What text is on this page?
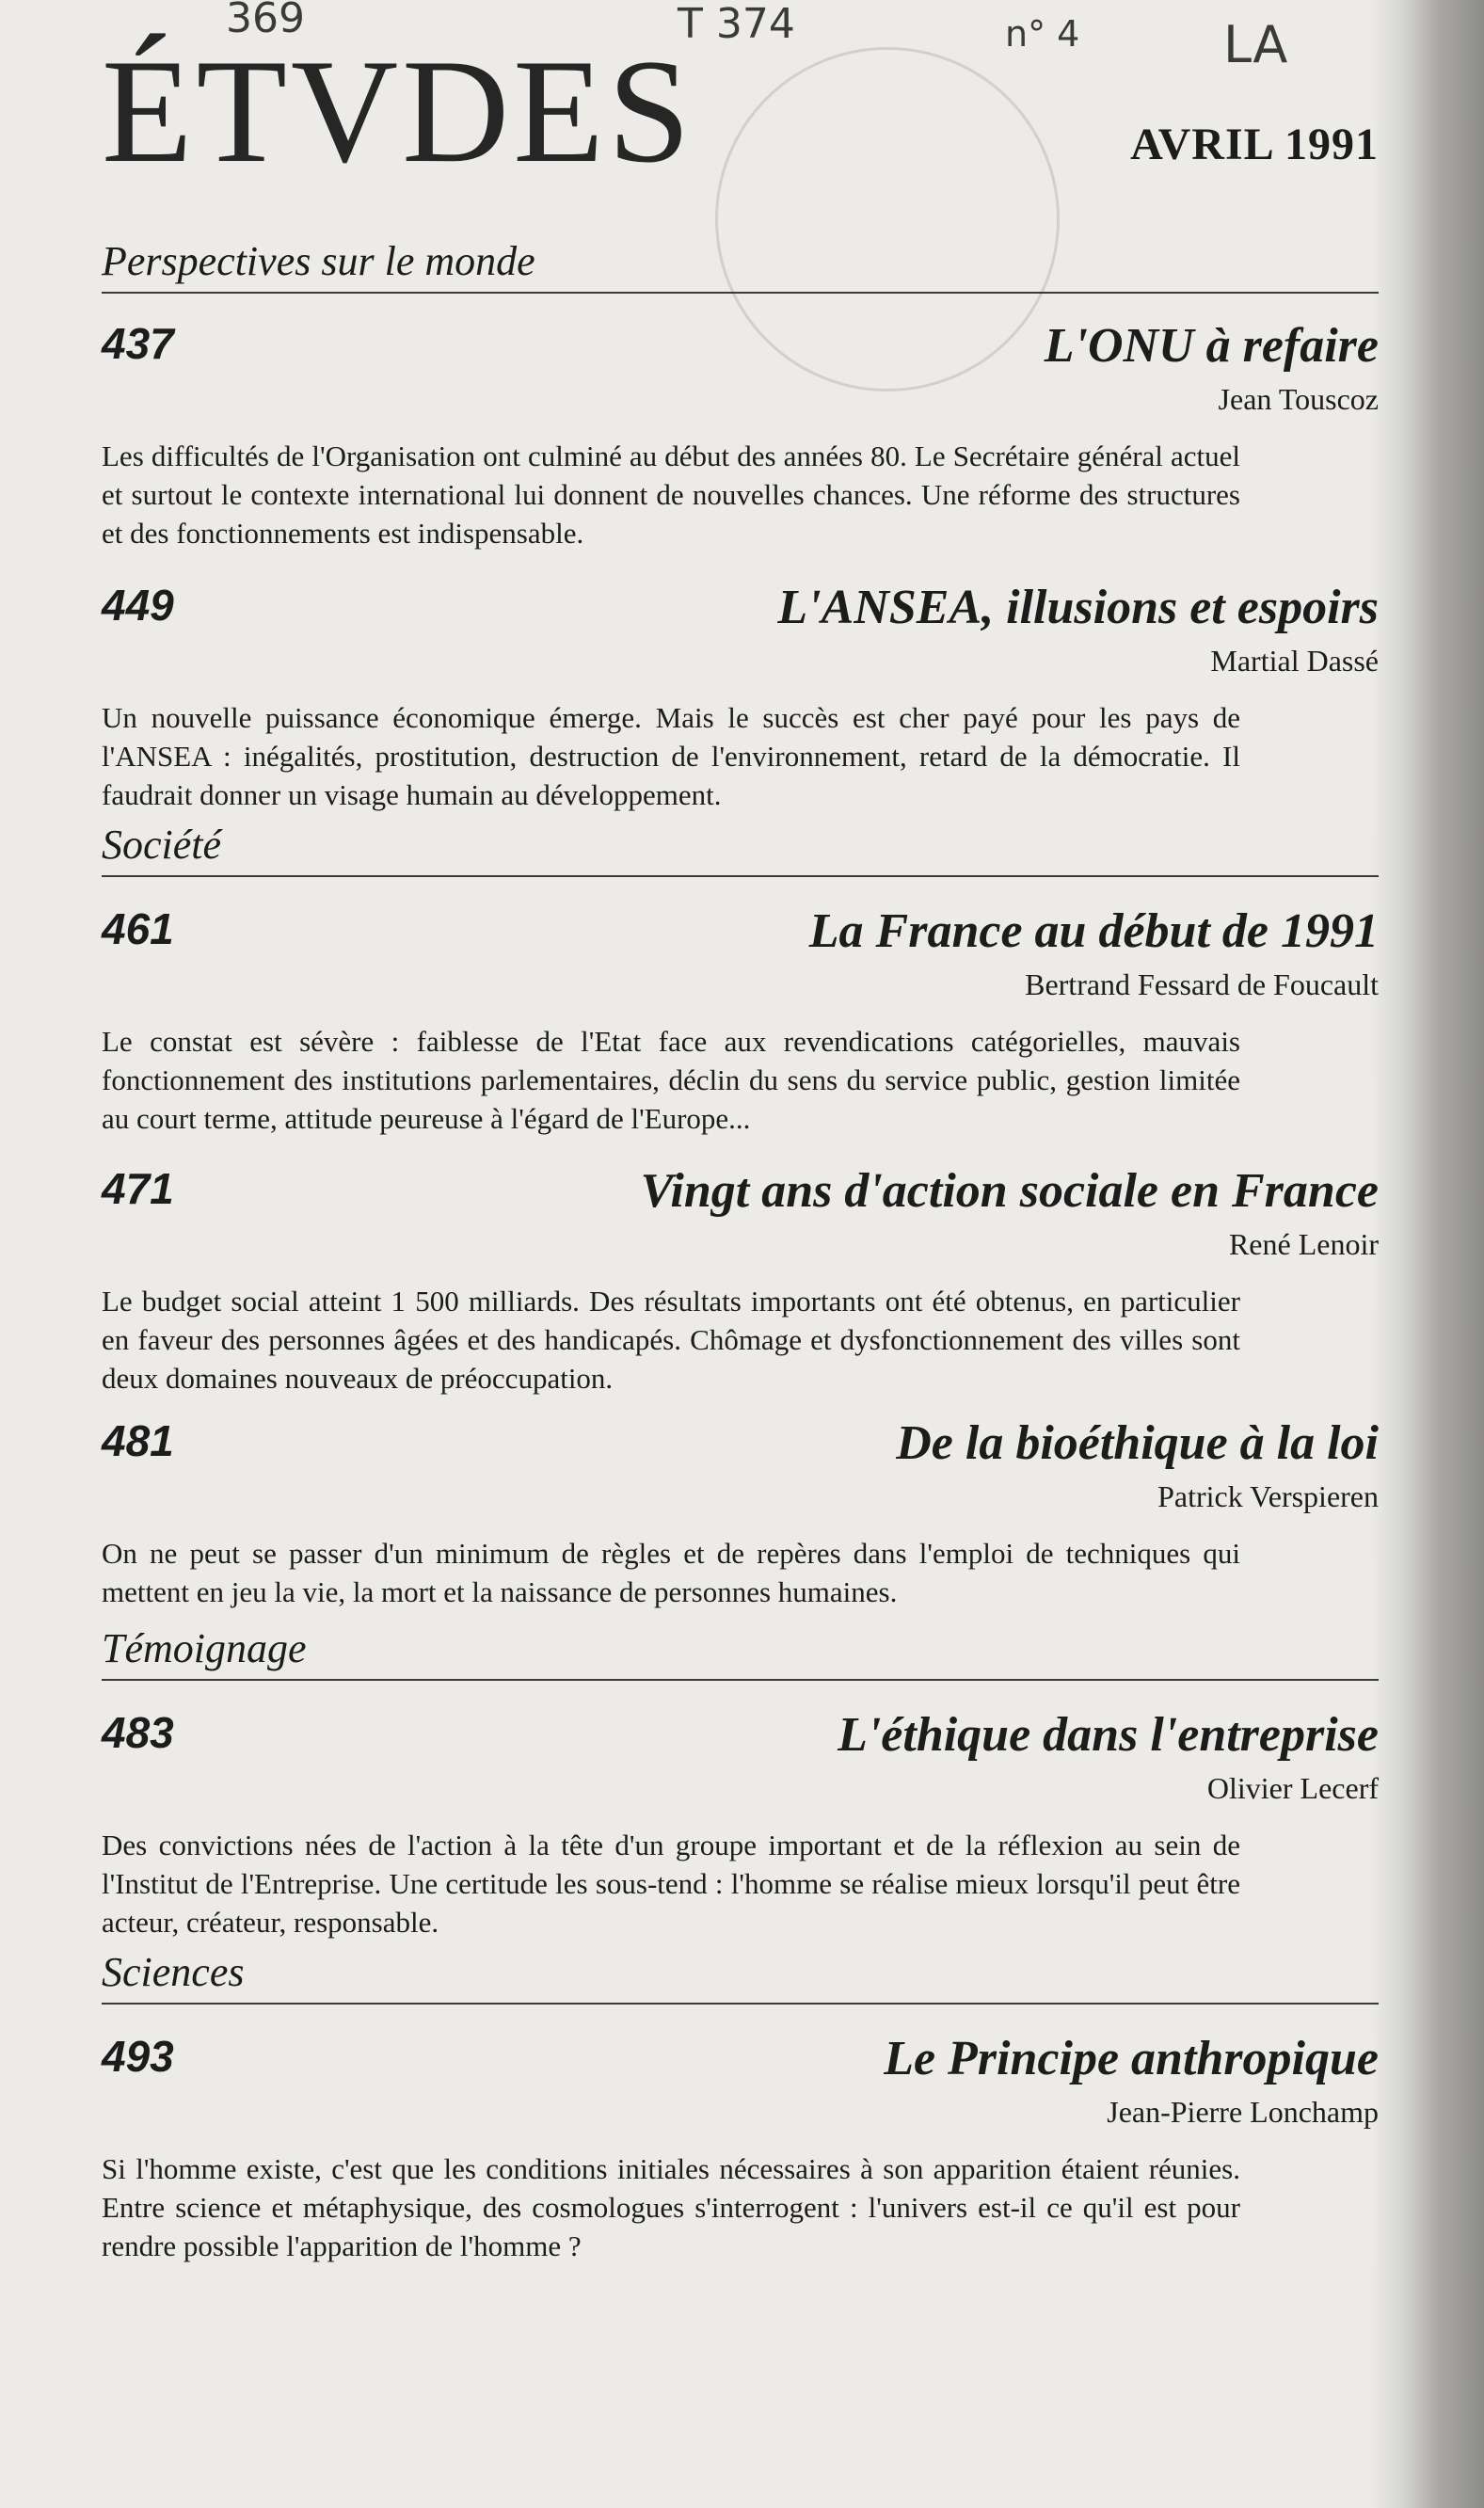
369	T 374	n° 4	LA
ÉTVDES	AVRIL 1991

Perspectives sur le monde

437	L'ONU à refaire
Jean Touscoz
Les difficultés de l'Organisation ont culminé au début des années 80. Le Secrétaire général actuel et surtout le contexte international lui donnent de nouvelles chances. Une réforme des structures et des fonctionnements est indispensable.
449	L'ANSEA, illusions et espoirs
Martial Dassé
Un nouvelle puissance économique émerge. Mais le succès est cher payé pour les pays de l'ANSEA : inégalités, prostitution, destruction de l'environnement, retard de la démocratie. Il faudrait donner un visage humain au développement.

Société

461	La France au début de 1991
Bertrand Fessard de Foucault
Le constat est sévère : faiblesse de l'Etat face aux revendications catégorielles, mauvais fonctionnement des institutions parlementaires, déclin du sens du service public, gestion limitée au court terme, attitude peureuse à l'égard de l'Europe...
471	Vingt ans d'action sociale en France
René Lenoir
Le budget social atteint 1 500 milliards. Des résultats importants ont été obtenus, en particulier en faveur des personnes âgées et des handicapés. Chômage et dysfonctionnement des villes sont deux domaines nouveaux de préoccupation.
481	De la bioéthique à la loi
Patrick Verspieren
On ne peut se passer d'un minimum de règles et de repères dans l'emploi de techniques qui mettent en jeu la vie, la mort et la naissance de personnes humaines.

Témoignage

483	L'éthique dans l'entreprise
Olivier Lecerf
Des convictions nées de l'action à la tête d'un groupe important et de la réflexion au sein de l'Institut de l'Entreprise. Une certitude les sous-tend : l'homme se réalise mieux lorsqu'il peut être acteur, créateur, responsable.

Sciences

493	Le Principe anthropique
Jean-Pierre Lonchamp
Si l'homme existe, c'est que les conditions initiales nécessaires à son apparition étaient réunies. Entre science et métaphysique, des cosmologues s'interrogent : l'univers est-il ce qu'il est pour rendre possible l'apparition de l'homme ?
